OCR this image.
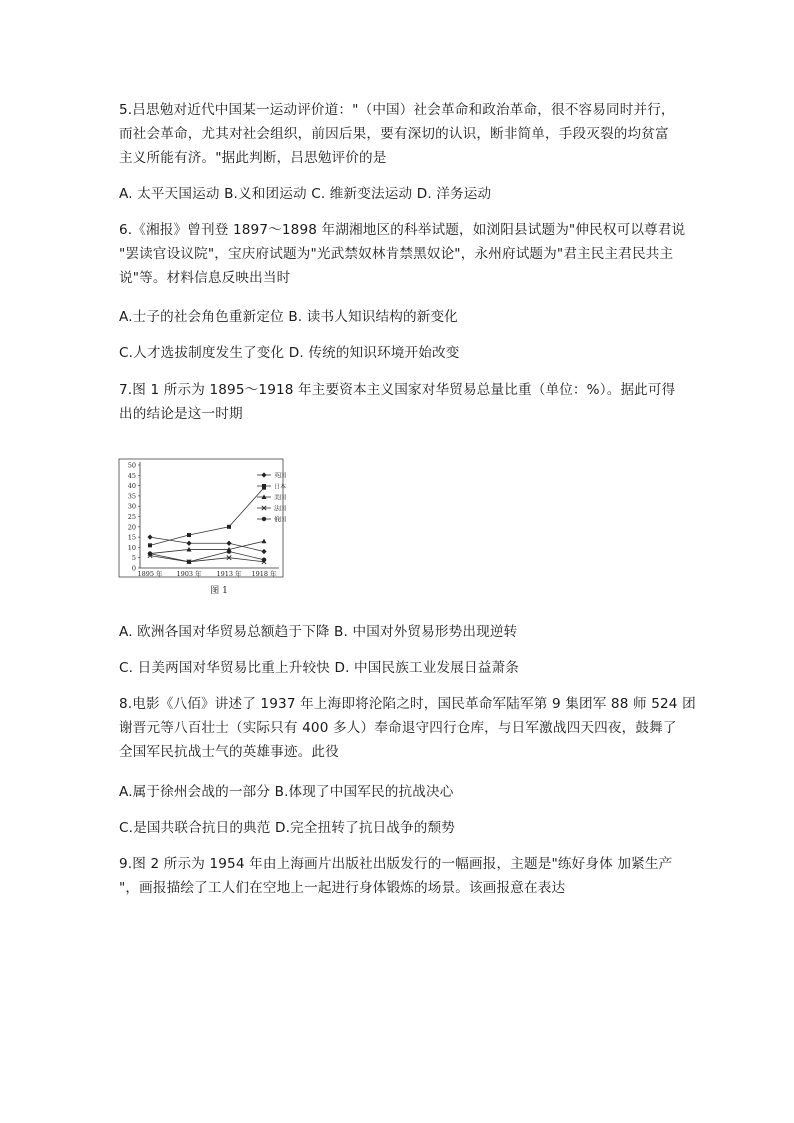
5.吕思勉对近代中国某一运动评价道："（中国）社会革命和政治革命，很不容易同时并行，
而社会革命，尤其对社会组织，前因后果，要有深切的认识，断非简单，手段灭裂的均贫富
主义所能有济。"据此判断，吕思勉评价的是
A. 太平天国运动 B.义和团运动 C. 维新变法运动 D. 洋务运动
6.《湘报》曾刊登 1897～1898 年湖湘地区的科举试题，如浏阳县试题为"伸民权可以尊君说
"罢读官设议院"，宝庆府试题为"光武禁奴林肯禁黑奴论"，永州府试题为"君主民主君民共主
说"等。材料信息反映出当时
A.士子的社会角色重新定位 B. 读书人知识结构的新变化
C.人才选拔制度发生了变化 D. 传统的知识环境开始改变
7.图 1 所示为 1895～1918 年主要资本主义国家对华贸易总量比重（单位：%）。据此可得
出的结论是这一时期
0
5
10
15
20
25
30
35
40
45
50
1895 年 1903 年 1913 年 1918 年
英国
日本
美国
法国
俄国
图 1
A. 欧洲各国对华贸易总额趋于下降 B. 中国对外贸易形势出现逆转
C. 日美两国对华贸易比重上升较快 D. 中国民族工业发展日益萧条
8.电影《八佰》讲述了 1937 年上海即将沦陷之时，国民革命军陆军第 9 集团军 88 师 524 团
谢晋元等八百壮士（实际只有 400 多人）奉命退守四行仓库，与日军激战四天四夜，鼓舞了
全国军民抗战士气的英雄事迹。此役
A.属于徐州会战的一部分 B.体现了中国军民的抗战决心
C.是国共联合抗日的典范 D.完全扭转了抗日战争的颓势
9.图 2 所示为 1954 年由上海画片出版社出版发行的一幅画报，主题是"练好身体 加紧生产
"，画报描绘了工人们在空地上一起进行身体锻炼的场景。该画报意在表达
